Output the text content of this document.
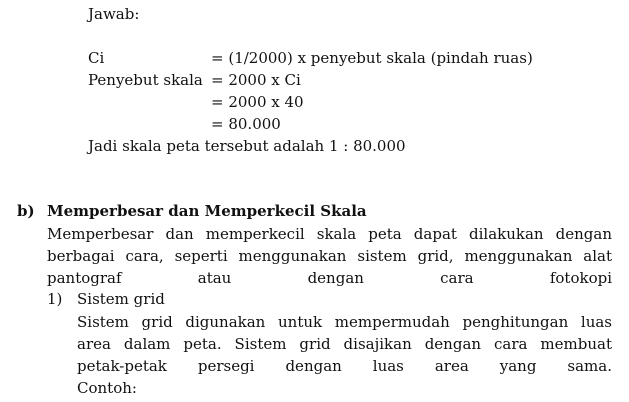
Jawab:
Ci	= (1/2000) x penyebut skala (pindah ruas)
Penyebut skala = 2000 x Ci
= 2000 x 40
= 80.000
Jadi skala peta tersebut adalah 1 : 80.000
b) Memperbesar dan Memperkecil Skala
Memperbesar dan memperkecil skala peta dapat dilakukan dengan
berbagai cara, seperti menggunakan sistem grid, menggunakan alat
pantograf atau dengan cara fotokopi
1) Sistem grid
Sistem grid digunakan untuk mempermudah penghitungan luas
area dalam peta. Sistem grid disajikan dengan cara membuat
petak-petak persegi dengan luas area yang sama.
Contoh:
